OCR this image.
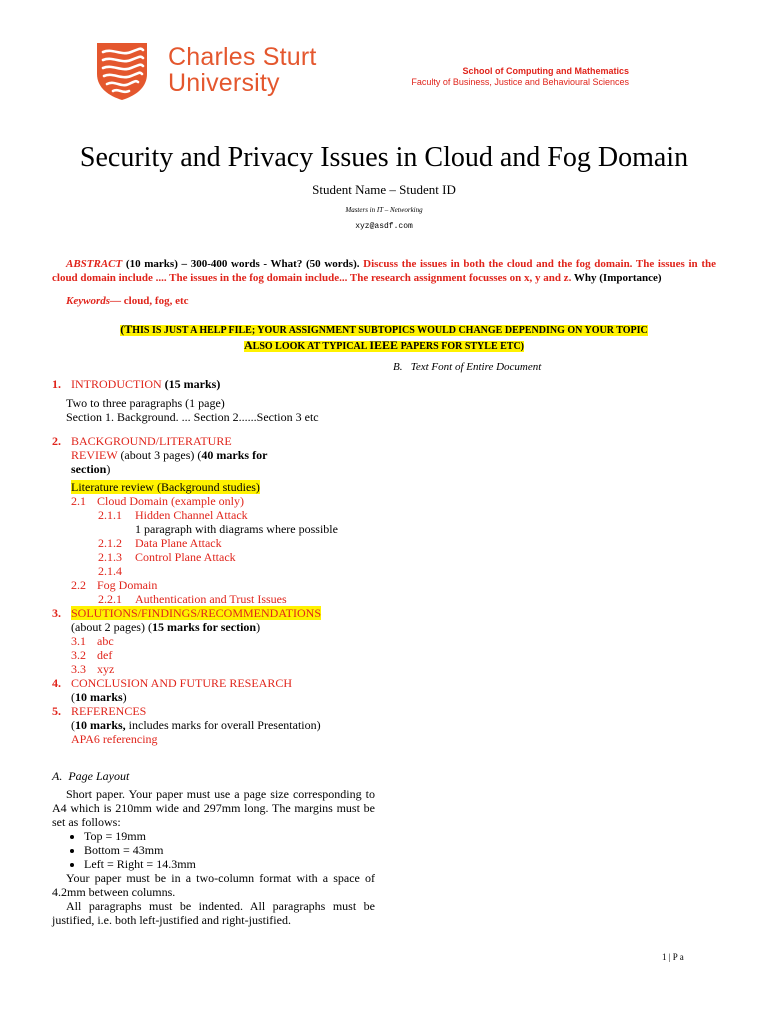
Charles Sturt
University	School of Computing and Mathematics
Faculty of Business, Justice and Behavioural Sciences
Security and Privacy Issues in Cloud and Fog Domain
Student Name – Student ID
Masters in IT – Networking
xyz@asdf.com
ABSTRACT (10 marks) – 300-400 words - What? (50 words). Discuss the issues in both the cloud and the fog domain. The issues in the cloud domain include .... The issues in the fog domain include... The research assignment focusses on x, y and z. Why (Importance)
Keywords— cloud, fog, etc
(THIS IS JUST A HELP FILE; YOUR ASSIGNMENT SUBTOPICS WOULD CHANGE DEPENDING ON YOUR TOPIC
ALSO LOOK AT TYPICAL IEEE PAPERS FOR STYLE ETC)
B. Text Font of Entire Document
1. INTRODUCTION (15 marks)
Two to three paragraphs (1 page)
Section 1. Background. ... Section 2......Section 3 etc
2. BACKGROUND/LITERATURE
REVIEW (about 3 pages) (40 marks for
section)
Literature review (Background studies)
2.1 Cloud Domain (example only)
2.1.1 Hidden Channel Attack
1 paragraph with diagrams where possible
2.1.2 Data Plane Attack
2.1.3 Control Plane Attack
2.1.4
2.2 Fog Domain
2.2.1 Authentication and Trust Issues
3. SOLUTIONS/FINDINGS/RECOMMENDATIONS
(about 2 pages) (15 marks for section)
3.1 abc
3.2 def
3.3 xyz
4. CONCLUSION AND FUTURE RESEARCH
(10 marks)
5. REFERENCES
(10 marks, includes marks for overall Presentation)
APA6 referencing
A. Page Layout

Short paper. Your paper must use a page size corresponding to A4 which is 210mm wide and 297mm long. The margins must be set as follows:

• Top = 19mm
• Bottom = 43mm
• Left = Right = 14.3mm

Your paper must be in a two-column format with a space of 4.2mm between columns.

All paragraphs must be indented. All paragraphs must be justified, i.e. both left-justified and right-justified.

1 | P a
